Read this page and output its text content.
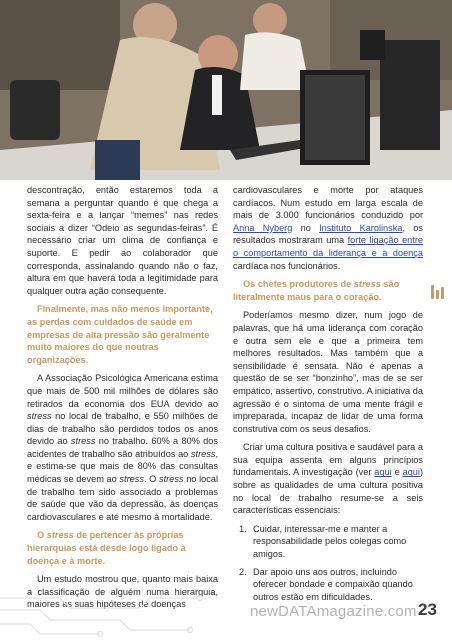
descontração, então estaremos toda a semana a perguntar quando é que chega a sexta-feira e a lançar “memes” nas redes sociais a dizer “Odeio as segundas-feiras”. É necessário criar um clima de confiança e suporte. E pedir ao colaborador que corresponda, assinalando quando não o faz, altura em que haverá toda a legitimidade para qualquer outra ação consequente.

Finalmente, mas não menos importante, as perdas com cuidados de saúde em empresas de alta pressão são geralmente muito maiores do que noutras organizações.

A Associação Psicológica Americana estima que mais de 500 mil milhões de dólares são retirados da economia dos EUA devido ao stress no local de trabalho, e 550 milhões de dias de trabalho são perdidos todos os anos devido ao stress no trabalho. 60% a 80% dos acidentes de trabalho são atribuídos ao stress, e estima-se que mais de 80% das consultas médicas se devem ao stress. O stress no local de trabalho tem sido associado a problemas de saúde que vão da depressão, às doenças cardiovasculares e até mesmo à mortalidade.

O stress de pertencer às próprias hierarquias está desde logo ligado à doença e à morte.

Um estudo mostrou que, quanto mais baixa a classificação de alguém numa hierarquia, maiores as suas hipóteses de doenças

cardiovasculares e morte por ataques cardíacos. Num estudo em larga escala de mais de 3.000 funcionários conduzido por Anna Nyberg no Instituto Karolinska, os resultados mostraram uma forte ligação entre o comportamento da liderança e a doença cardíaca nos funcionários.

Os chefes produtores de stress são literalmente maus para o coração.

Poderíamos mesmo dizer, num jogo de palavras, que há uma liderança com coração e outra sem ele e que a primeira tem melhores resultados. Mas também que a sensibilidade é sensata. Não é apenas a questão de se ser “bonzinho”, mas de se ser empático, assertivo, construtivo. A iniciativa da agressão é o sintoma de uma mente frágil e impreparada, incapaz de lidar de uma forma construtiva com os seus desafios.

Criar uma cultura positiva e saudável para a sua equipa assenta em alguns princípios fundamentais. A investigação (ver aqui e aqui) sobre as qualidades de uma cultura positiva no local de trabalho resume-se a seis características essenciais:

1. Cuidar, interessar-me e manter a responsabilidade pelos colegas como amigos.
2. Dar apoio uns aos outros, incluindo oferecer bondade e compaixão quando outros estão em dificuldades.
newDATAmagazine.com 23
